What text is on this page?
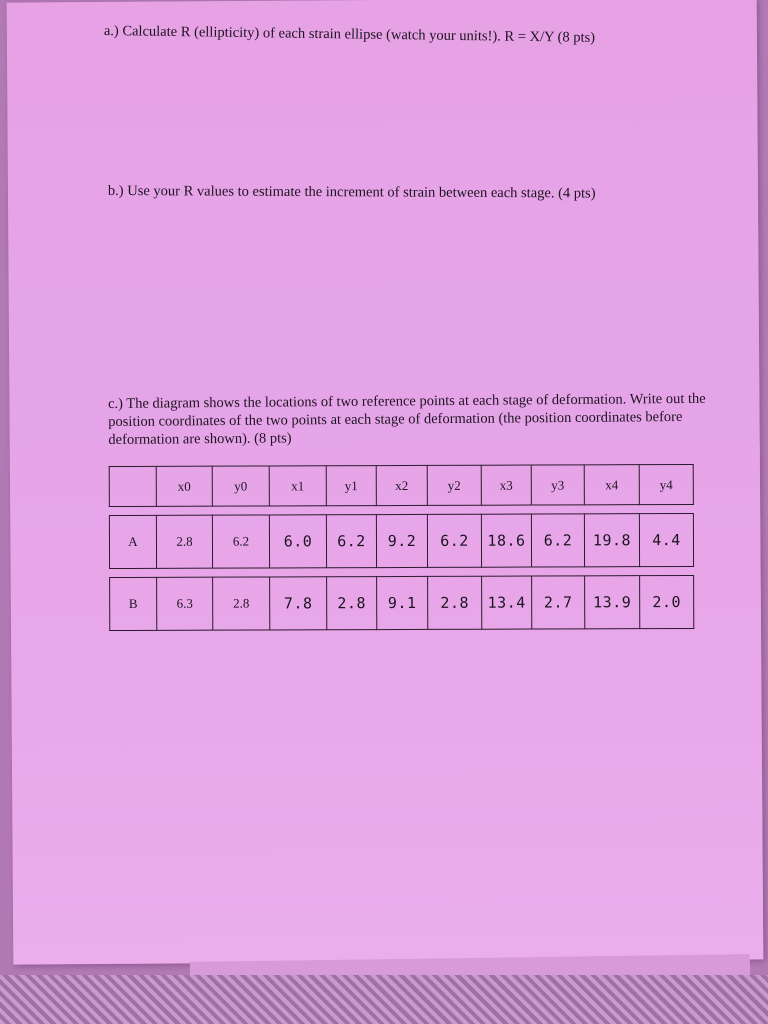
a.) Calculate R (ellipticity) of each strain ellipse (watch your units!). R = X/Y (8 pts)
b.) Use your R values to estimate the increment of strain between each stage. (4 pts)
c.) The diagram shows the locations of two reference points at each stage of deformation. Write out the position coordinates of the two points at each stage of deformation (the position coordinates before deformation are shown). (8 pts)
	x0	y0	x1	y1	x2	y2	x3	y3	x4	y4

A	2.8	6.2	6.0	6.2	9.2	6.2	18.6	6.2	19.8	4.4

B	6.3	2.8	7.8	2.8	9.1	2.8	13.4	2.7	13.9	2.0
